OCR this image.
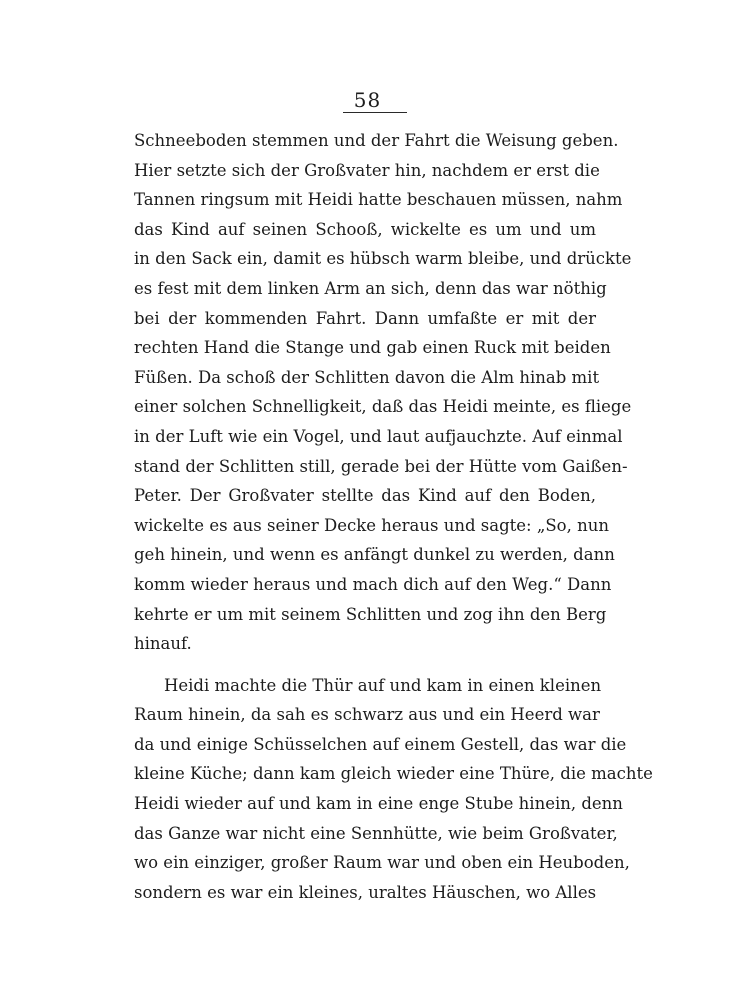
58
Schneeboden stemmen und der Fahrt die Weisung geben.
Hier setzte sich der Großvater hin, nachdem er erst die
Tannen ringsum mit Heidi hatte beschauen müssen, nahm
das Kind auf seinen Schooß, wickelte es um und um
in den Sack ein, damit es hübsch warm bleibe, und drückte
es fest mit dem linken Arm an sich, denn das war nöthig
bei der kommenden Fahrt. Dann umfaßte er mit der
rechten Hand die Stange und gab einen Ruck mit beiden
Füßen. Da schoß der Schlitten davon die Alm hinab mit
einer solchen Schnelligkeit, daß das Heidi meinte, es fliege
in der Luft wie ein Vogel, und laut aufjauchzte. Auf einmal
stand der Schlitten still, gerade bei der Hütte vom Gaißen-
Peter. Der Großvater stellte das Kind auf den Boden,
wickelte es aus seiner Decke heraus und sagte: „So, nun
geh hinein, und wenn es anfängt dunkel zu werden, dann
komm wieder heraus und mach dich auf den Weg.“ Dann
kehrte er um mit seinem Schlitten und zog ihn den Berg
hinauf.
Heidi machte die Thür auf und kam in einen kleinen
Raum hinein, da sah es schwarz aus und ein Heerd war
da und einige Schüsselchen auf einem Gestell, das war die
kleine Küche; dann kam gleich wieder eine Thüre, die machte
Heidi wieder auf und kam in eine enge Stube hinein, denn
das Ganze war nicht eine Sennhütte, wie beim Großvater,
wo ein einziger, großer Raum war und oben ein Heuboden,
sondern es war ein kleines, uraltes Häuschen, wo Alles
